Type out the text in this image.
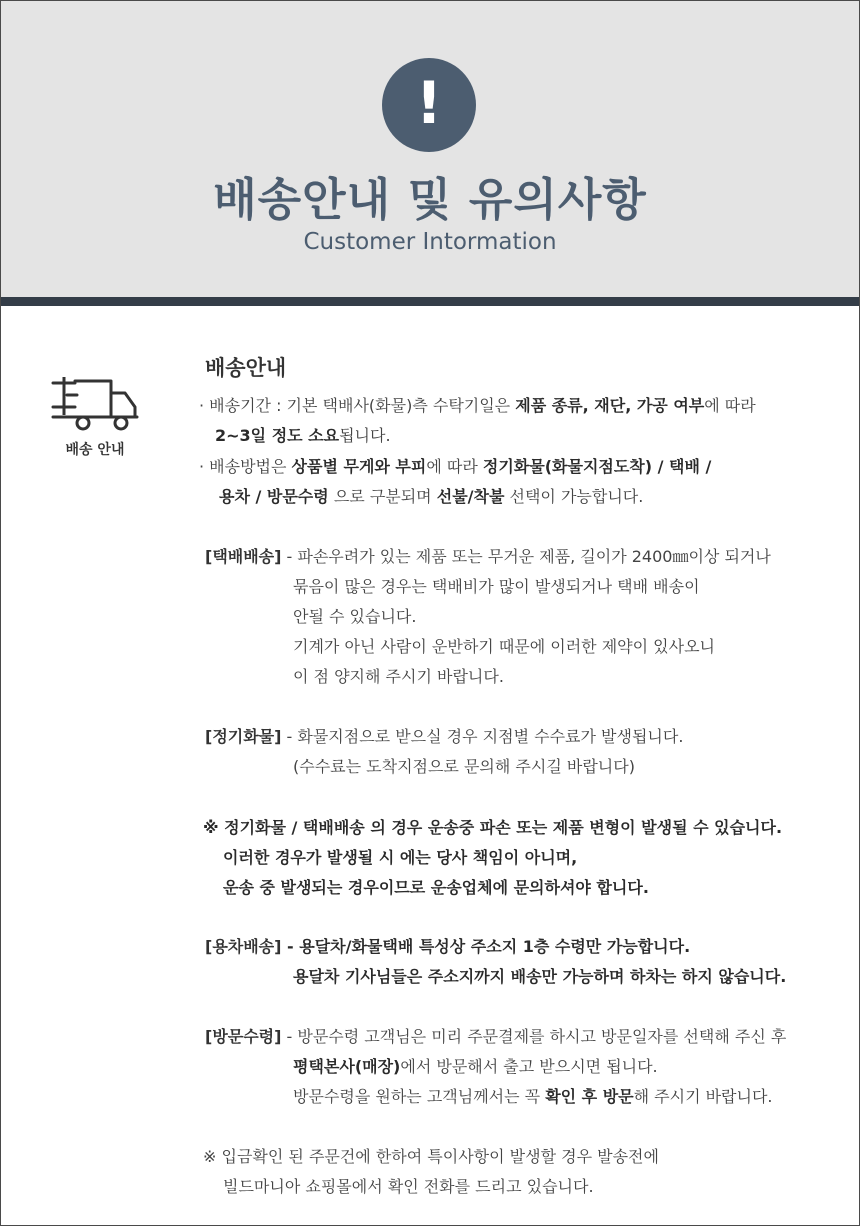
!
배송안내 및 유의사항
Customer Intormation
배송 안내
배송안내
· 배송기간 : 기본 택배사(화물)측 수탁기일은 제품 종류, 재단, 가공 여부에 따라
2~3일 정도 소요됩니다.
· 배송방법은 상품별 무게와 부피에 따라 정기화물(화물지점도착) / 택배 /
용차 / 방문수령 으로 구분되며 선불/착불 선택이 가능합니다.
[택배배송] - 파손우려가 있는 제품 또는 무거운 제품, 길이가 2400㎜이상 되거나
묶음이 많은 경우는 택배비가 많이 발생되거나 택배 배송이
안될 수 있습니다.
기계가 아닌 사람이 운반하기 때문에 이러한 제약이 있사오니
이 점 양지해 주시기 바랍니다.
[정기화물] - 화물지점으로 받으실 경우 지점별 수수료가 발생됩니다.
(수수료는 도착지점으로 문의해 주시길 바랍니다)
※ 정기화물 / 택배배송 의 경우 운송중 파손 또는 제품 변형이 발생될 수 있습니다.
이러한 경우가 발생될 시 에는 당사 책임이 아니며,
운송 중 발생되는 경우이므로 운송업체에 문의하셔야 합니다.
[용차배송] - 용달차/화물택배 특성상 주소지 1층 수령만 가능합니다.
용달차 기사님들은 주소지까지 배송만 가능하며 하차는 하지 않습니다.
[방문수령] - 방문수령 고객님은 미리 주문결제를 하시고 방문일자를 선택해 주신 후
평택본사(매장)에서 방문해서 출고 받으시면 됩니다.
방문수령을 원하는 고객님께서는 꼭 확인 후 방문해 주시기 바랍니다.
※ 입금확인 된 주문건에 한하여 특이사항이 발생할 경우 발송전에
빌드마니아 쇼핑몰에서 확인 전화를 드리고 있습니다.
